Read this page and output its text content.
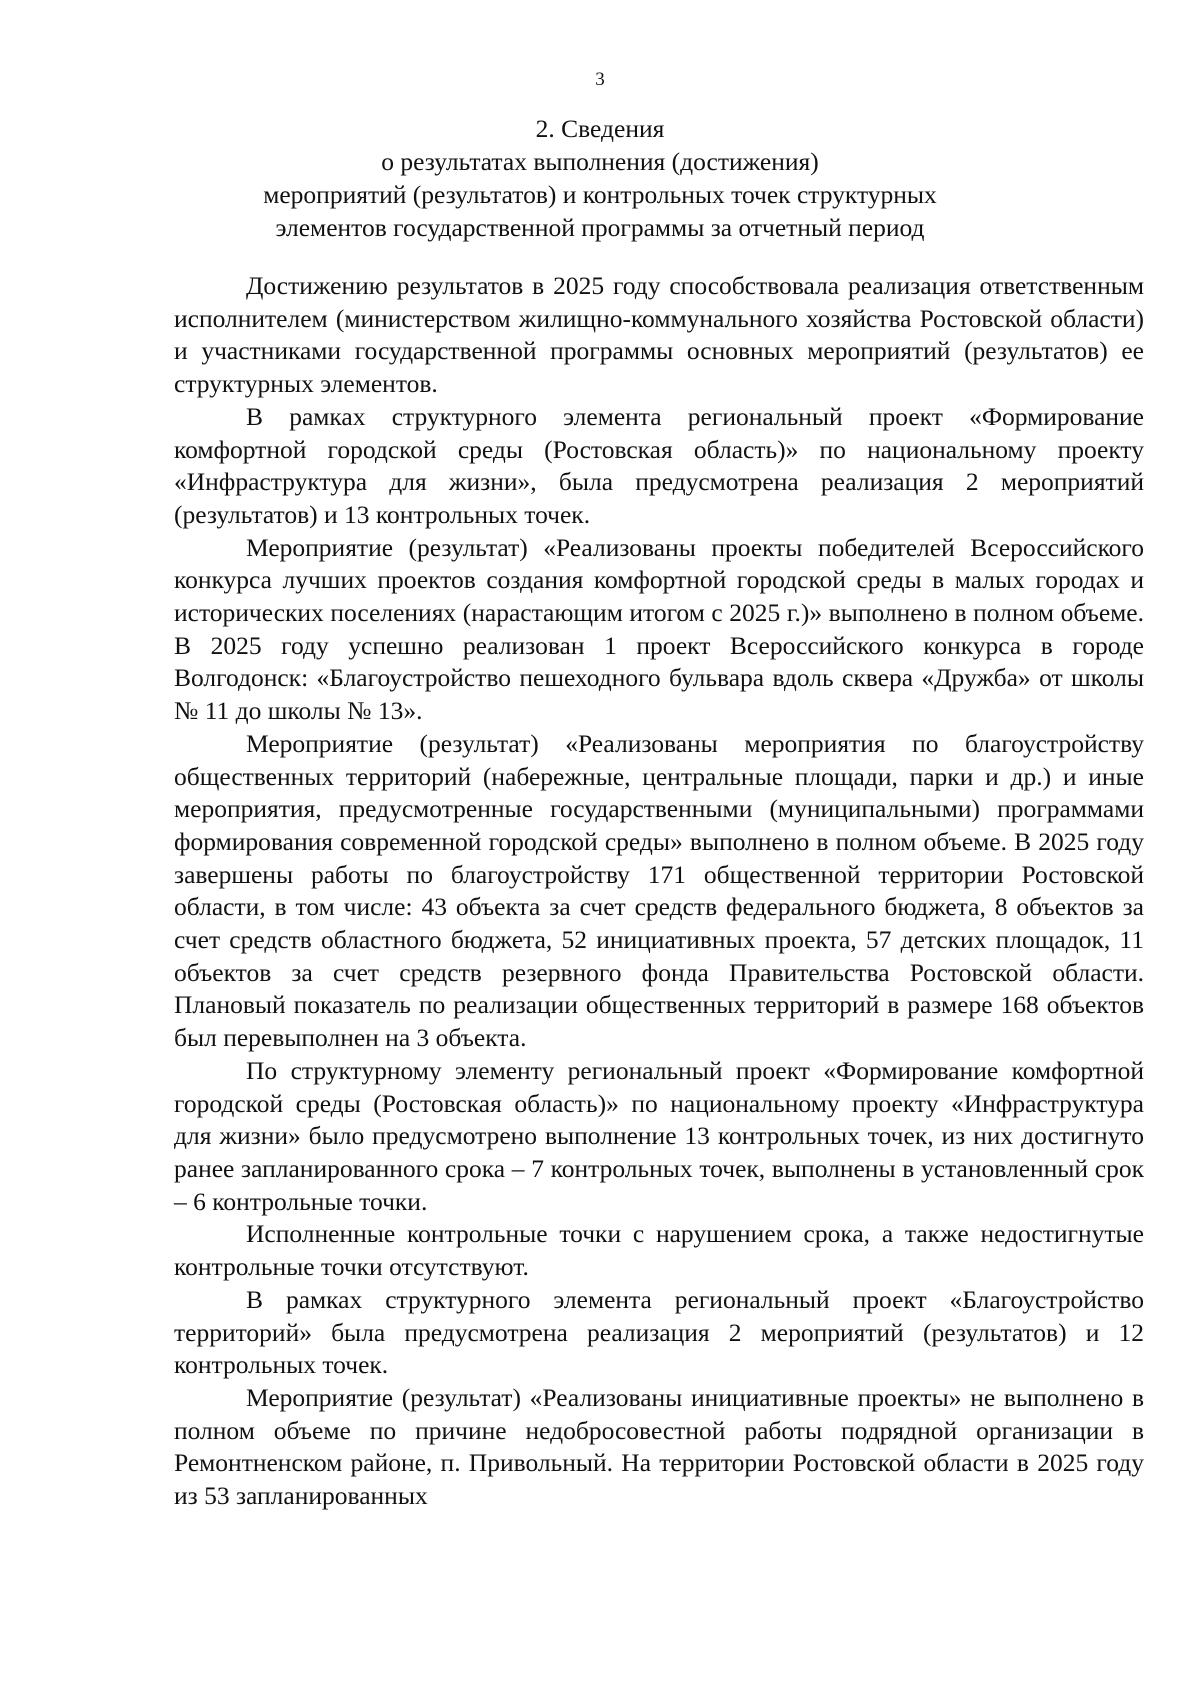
3
2. Сведения
о результатах выполнения (достижения)
мероприятий (результатов) и контрольных точек структурных
элементов государственной программы за отчетный период

Достижению результатов в 2025 году способствовала реализация ответственным исполнителем (министерством жилищно-коммунального хозяйства Ростовской области) и участниками государственной программы основных мероприятий (результатов) ее структурных элементов.

В рамках структурного элемента региональный проект «Формирование комфортной городской среды (Ростовская область)» по национальному проекту «Инфраструктура для жизни», была предусмотрена реализация 2 мероприятий (результатов) и 13 контрольных точек.

Мероприятие (результат) «Реализованы проекты победителей Всероссийского конкурса лучших проектов создания комфортной городской среды в малых городах и исторических поселениях (нарастающим итогом с 2025 г.)» выполнено в полном объеме. В 2025 году успешно реализован 1 проект Всероссийского конкурса в городе Волгодонск: «Благоустройство пешеходного бульвара вдоль сквера «Дружба» от школы № 11 до школы № 13».

Мероприятие (результат) «Реализованы мероприятия по благоустройству общественных территорий (набережные, центральные площади, парки и др.) и иные мероприятия, предусмотренные государственными (муниципальными) программами формирования современной городской среды» выполнено в полном объеме. В 2025 году завершены работы по благоустройству 171 общественной территории Ростовской области, в том числе: 43 объекта за счет средств федерального бюджета, 8 объектов за счет средств областного бюджета, 52 инициативных проекта, 57 детских площадок, 11 объектов за счет средств резервного фонда Правительства Ростовской области. Плановый показатель по реализации общественных территорий в размере 168 объектов был перевыполнен на 3 объекта.

По структурному элементу региональный проект «Формирование комфортной городской среды (Ростовская область)» по национальному проекту «Инфраструктура для жизни» было предусмотрено выполнение 13 контрольных точек, из них достигнуто ранее запланированного срока – 7 контрольных точек, выполнены в установленный срок – 6 контрольные точки.

Исполненные контрольные точки с нарушением срока, а также недостигнутые контрольные точки отсутствуют.

В рамках структурного элемента региональный проект «Благоустройство территорий» была предусмотрена реализация 2 мероприятий (результатов) и 12 контрольных точек.

Мероприятие (результат) «Реализованы инициативные проекты» не выполнено в полном объеме по причине недобросовестной работы подрядной организации в Ремонтненском районе, п. Привольный. На территории Ростовской области в 2025 году из 53 запланированных
